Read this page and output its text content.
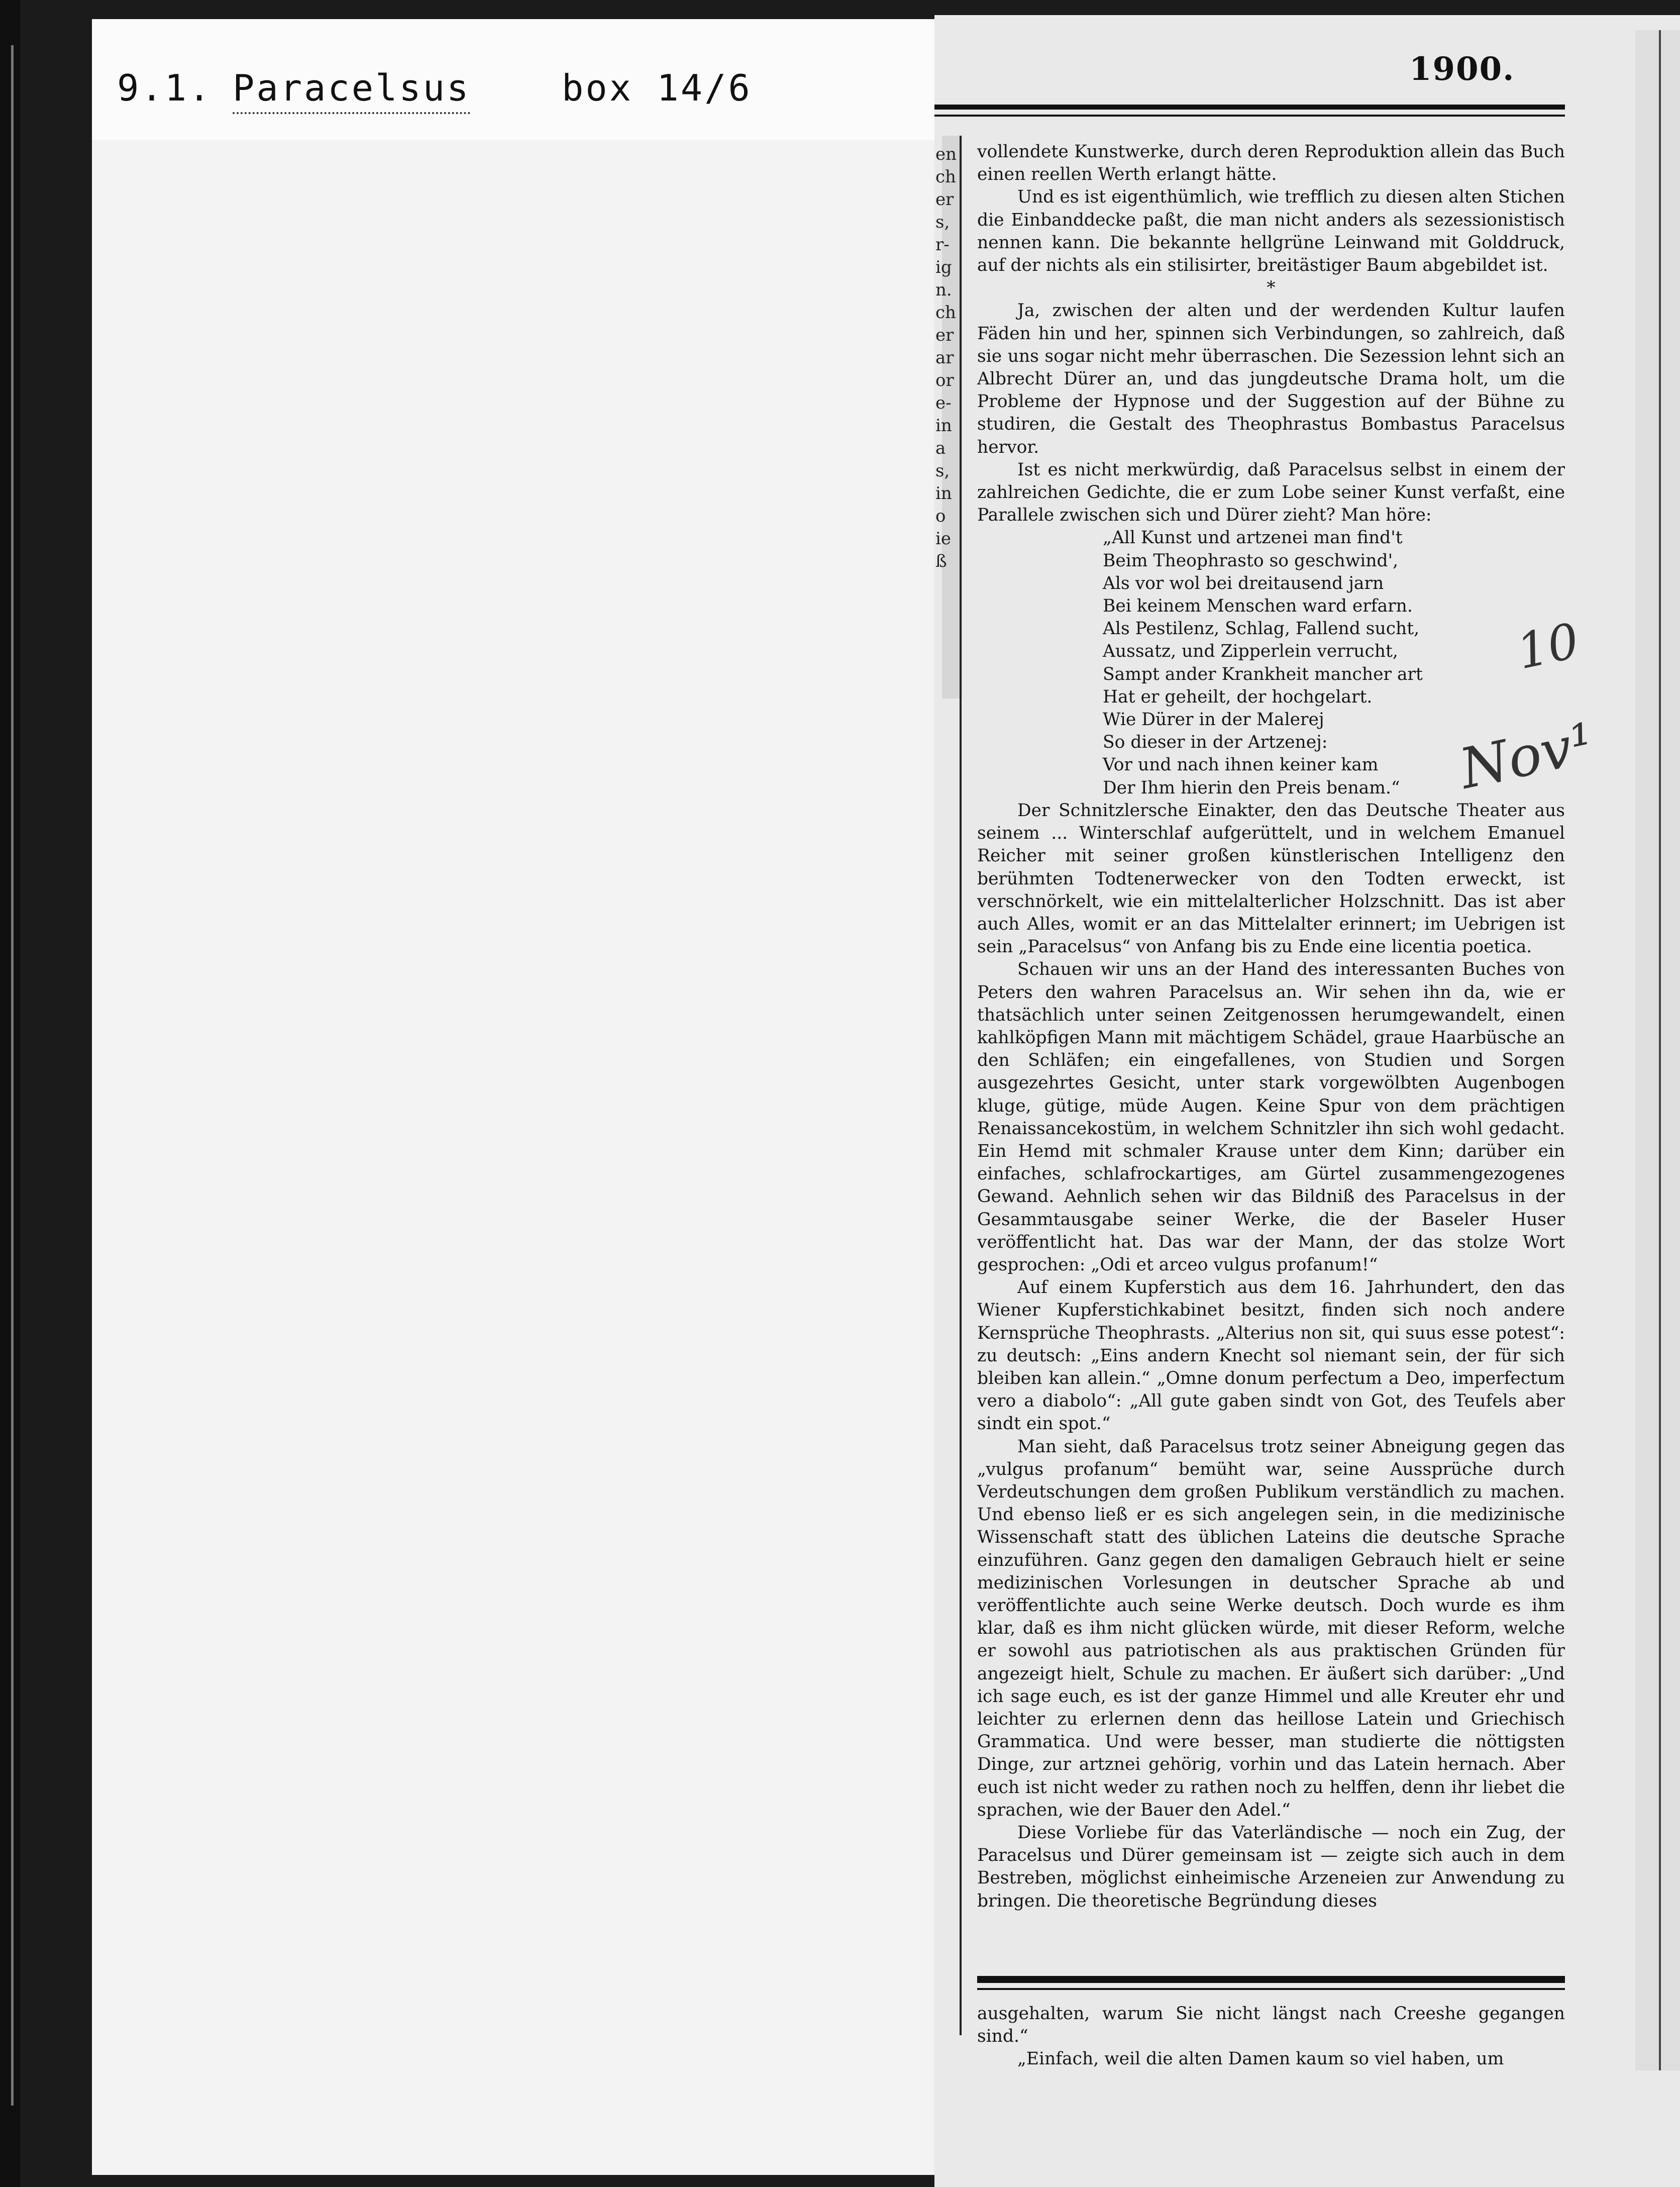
9.1. Paracelsus	box 14/6	1900.
en
ch
er
s,
r-
ig
n.
ch
er
ar
or
e-
in
a
s,
in
o
ie
ß

vollendete Kunstwerke, durch deren Reproduktion allein das Buch einen reellen Werth erlangt hätte.

Und es ist eigenthümlich, wie trefflich zu diesen alten Stichen die Einbanddecke paßt, die man nicht anders als sezessionistisch nennen kann. Die bekannte hellgrüne Leinwand mit Golddruck, auf der nichts als ein stilisirter, breitästiger Baum abgebildet ist.

*

Ja, zwischen der alten und der werdenden Kultur laufen Fäden hin und her, spinnen sich Verbindungen, so zahlreich, daß sie uns sogar nicht mehr überraschen. Die Sezession lehnt sich an Albrecht Dürer an, und das jungdeutsche Drama holt, um die Probleme der Hypnose und der Suggestion auf der Bühne zu studiren, die Gestalt des Theophrastus Bombastus Paracelsus hervor.

Ist es nicht merkwürdig, daß Paracelsus selbst in einem der zahlreichen Gedichte, die er zum Lobe seiner Kunst verfaßt, eine Parallele zwischen sich und Dürer zieht? Man höre:

„All Kunst und artzenei man find't
Beim Theophrasto so geschwind',
Als vor wol bei dreitausend jarn
Bei keinem Menschen ward erfarn.
Als Pestilenz, Schlag, Fallend sucht,
Aussatz, und Zipperlein verrucht,
Sampt ander Krankheit mancher art
Hat er geheilt, der hochgelart.
Wie Dürer in der Malerej
So dieser in der Artzenej:
Vor und nach ihnen keiner kam
Der Ihm hierin den Preis benam.“

Der Schnitzlersche Einakter, den das Deutsche Theater aus seinem ... Winterschlaf aufgerüttelt, und in welchem Emanuel Reicher mit seiner großen künstlerischen Intelligenz den berühmten Todtenerwecker von den Todten erweckt, ist verschnörkelt, wie ein mittelalterlicher Holzschnitt. Das ist aber auch Alles, womit er an das Mittelalter erinnert; im Uebrigen ist sein „Paracelsus“ von Anfang bis zu Ende eine licentia poetica.

Schauen wir uns an der Hand des interessanten Buches von Peters den wahren Paracelsus an. Wir sehen ihn da, wie er thatsächlich unter seinen Zeitgenossen herumgewandelt, einen kahlköpfigen Mann mit mächtigem Schädel, graue Haarbüsche an den Schläfen; ein eingefallenes, von Studien und Sorgen ausgezehrtes Gesicht, unter stark vorgewölbten Augenbogen kluge, gütige, müde Augen. Keine Spur von dem prächtigen Renaissancekostüm, in welchem Schnitzler ihn sich wohl gedacht. Ein Hemd mit schmaler Krause unter dem Kinn; darüber ein einfaches, schlafrockartiges, am Gürtel zusammengezogenes Gewand. Aehnlich sehen wir das Bildniß des Paracelsus in der Gesammtausgabe seiner Werke, die der Baseler Huser veröffentlicht hat. Das war der Mann, der das stolze Wort gesprochen: „Odi et arceo vulgus profanum!“

Auf einem Kupferstich aus dem 16. Jahrhundert, den das Wiener Kupferstichkabinet besitzt, finden sich noch andere Kernsprüche Theophrasts. „Alterius non sit, qui suus esse potest“: zu deutsch: „Eins andern Knecht sol niemant sein, der für sich bleiben kan allein.“ „Omne donum perfectum a Deo, imperfectum vero a diabolo“: „All gute gaben sindt von Got, des Teufels aber sindt ein spot.“

Man sieht, daß Paracelsus trotz seiner Abneigung gegen das „vulgus profanum“ bemüht war, seine Aussprüche durch Verdeutschungen dem großen Publikum verständlich zu machen. Und ebenso ließ er es sich angelegen sein, in die medizinische Wissenschaft statt des üblichen Lateins die deutsche Sprache einzuführen. Ganz gegen den damaligen Gebrauch hielt er seine medizinischen Vorlesungen in deutscher Sprache ab und veröffentlichte auch seine Werke deutsch. Doch wurde es ihm klar, daß es ihm nicht glücken würde, mit dieser Reform, welche er sowohl aus patriotischen als aus praktischen Gründen für angezeigt hielt, Schule zu machen. Er äußert sich darüber: „Und ich sage euch, es ist der ganze Himmel und alle Kreuter ehr und leichter zu erlernen denn das heillose Latein und Griechisch Grammatica. Und were besser, man studierte die nöttigsten Dinge, zur artznei gehörig, vorhin und das Latein hernach. Aber euch ist nicht weder zu rathen noch zu helffen, denn ihr liebet die sprachen, wie der Bauer den Adel.“

Diese Vorliebe für das Vaterländische — noch ein Zug, der Paracelsus und Dürer gemeinsam ist — zeigte sich auch in dem Bestreben, möglichst einheimische Arzeneien zur Anwendung zu bringen. Die theoretische Begründung dieses

ausgehalten, warum Sie nicht längst nach Creeshe gegangen sind.“

„Einfach, weil die alten Damen kaum so viel haben, um

10
Nov¹
